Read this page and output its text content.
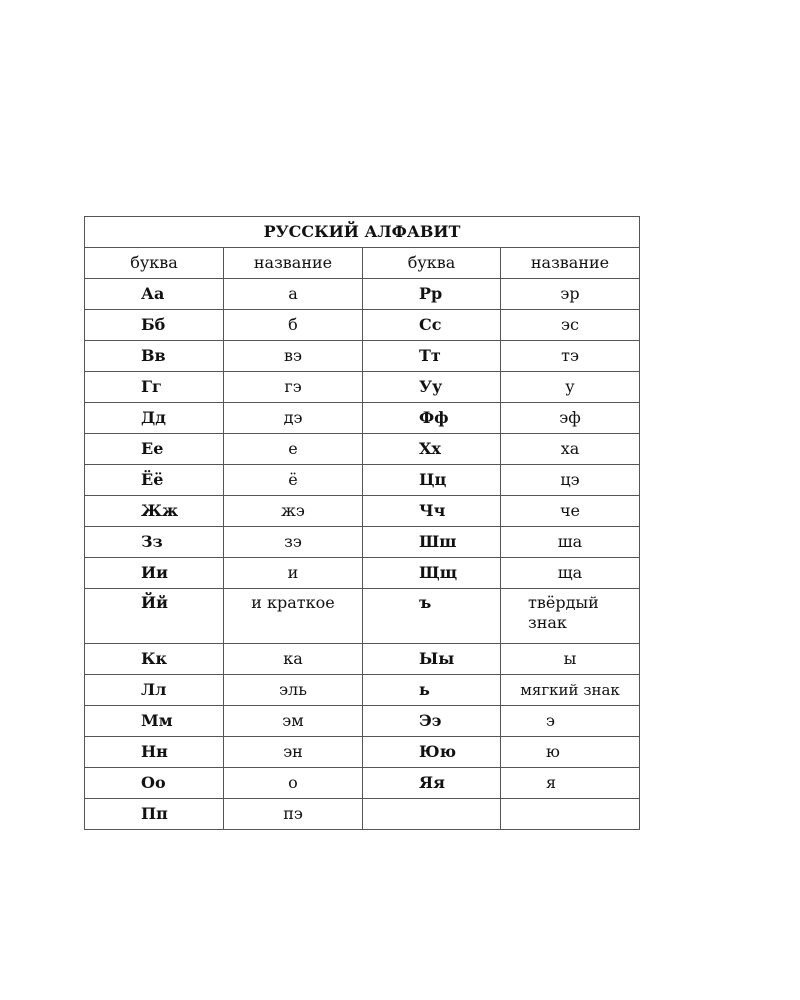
РУССКИЙ АЛФАВИТ			
буква	название	буква	название
Аа	а	Рр	эр
Бб	б	Сс	эс
Вв	вэ	Тт	тэ
Гг	гэ	Уу	у
Дд	дэ	Фф	эф
Ее	е	Хх	ха
Ёё	ё	Цц	цэ
Жж	жэ	Чч	че
Зз	зэ	Шш	ша
Ии	и	Щщ	ща
Йй	и краткое	ъ	твёрдый знак
Кк	ка	Ыы	ы
Лл	эль	ь	мягкий знак
Мм	эм	Ээ	э
Нн	эн	Юю	ю
Оо	о	Яя	я
Пп	пэ		
